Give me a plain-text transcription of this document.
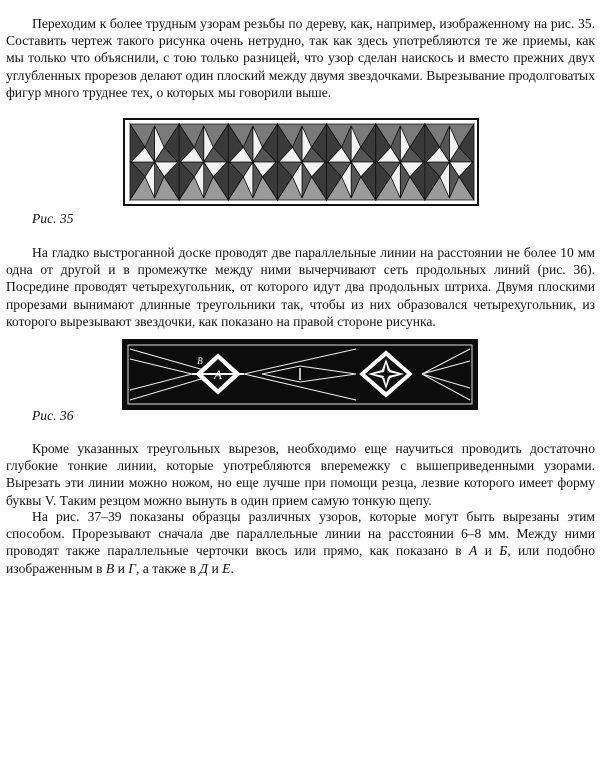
Переходим к более трудным узорам резьбы по дереву, как, например, изображенному на рис. 35. Составить чертеж такого рисунка очень нетрудно, так как здесь употребляются те же приемы, как мы только что объяснили, с тою только разницей, что узор сделан наискось и вместо прежних двух углубленных прорезов делают один плоский между двумя звездочками. Вырезывание продолговатых фигур много труднее тех, о которых мы говорили выше.

Рис. 35

На гладко выстроганной доске проводят две параллельные линии на расстоянии не более 10 мм одна от другой и в промежутке между ними вычерчивают сеть продольных линий (рис. 36). Посредине проводят четырехугольник, от которого идут два продольных штриха. Двумя плоскими прорезами вынимают длинные треугольники так, чтобы из них образовался четырехугольник, из которого вырезывают звездочки, как показано на правой стороне рисунка.

А	Б
В

Рис. 36

Кроме указанных треугольных вырезов, необходимо еще научиться проводить достаточно глубокие тонкие линии, которые употребляются вперемежку с вышеприведенными узорами. Вырезать эти линии можно ножом, но еще лучше при помощи резца, лезвие которого имеет форму буквы V. Таким резцом можно вынуть в один прием самую тонкую щепу.

На рис. 37–39 показаны образцы различных узоров, которые могут быть вырезаны этим способом. Прорезывают сначала две параллельные линии на расстоянии 6–8 мм. Между ними проводят также параллельные черточки вкось или прямо, как показано в А и Б, или подобно изображенным в В и Г, а также в Д и Е.
